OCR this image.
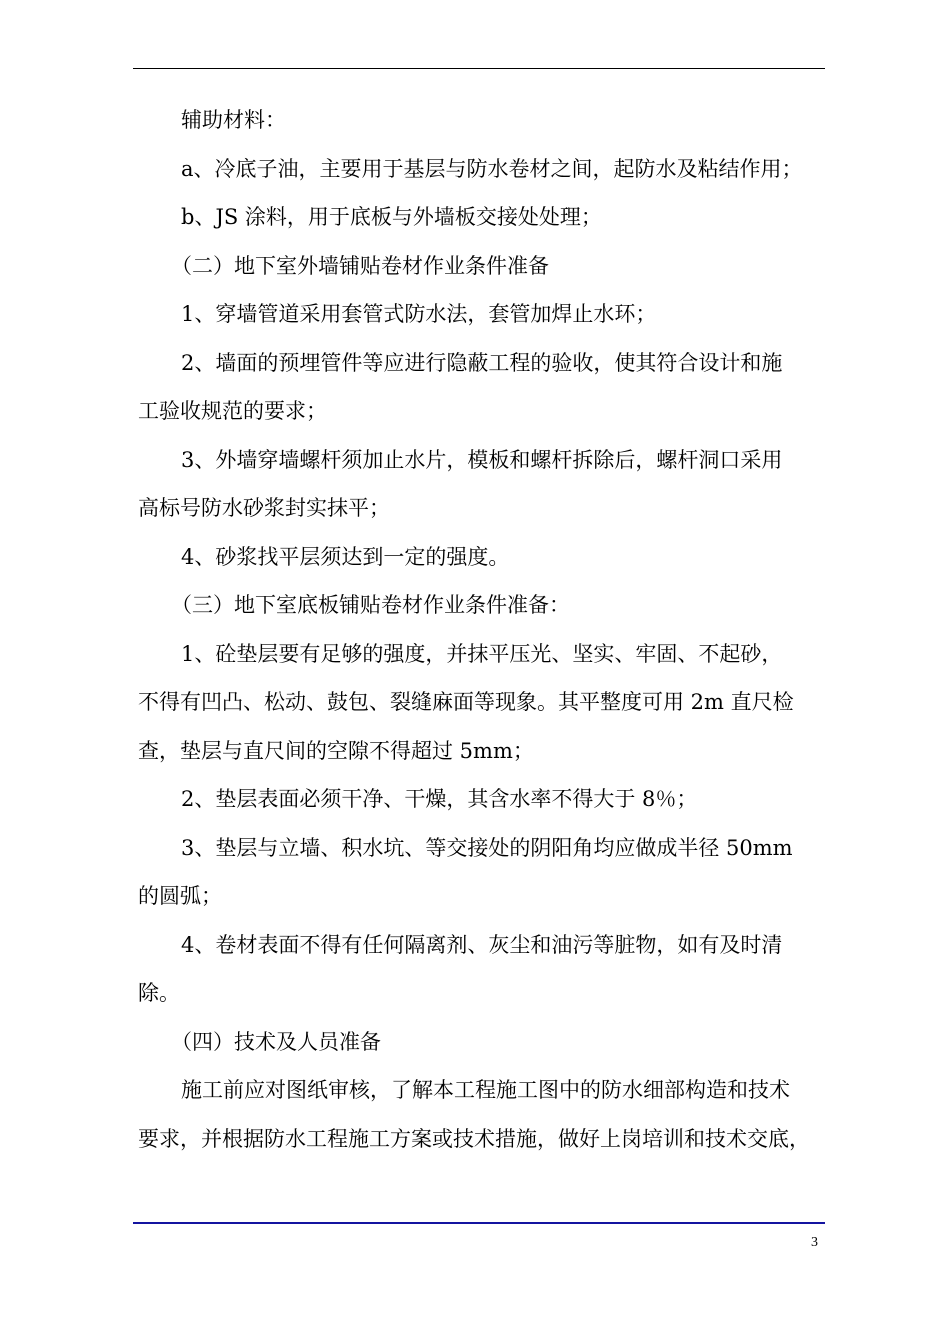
辅助材料：
a、冷底子油，主要用于基层与防水卷材之间，起防水及粘结作用；
b、JS 涂料，用于底板与外墙板交接处处理；
（二）地下室外墙铺贴卷材作业条件准备
1、穿墙管道采用套管式防水法，套管加焊止水环；
2、墙面的预埋管件等应进行隐蔽工程的验收，使其符合设计和施
工验收规范的要求；
3、外墙穿墙螺杆须加止水片，模板和螺杆拆除后，螺杆洞口采用
高标号防水砂浆封实抹平；
4、砂浆找平层须达到一定的强度。
（三）地下室底板铺贴卷材作业条件准备：
1、砼垫层要有足够的强度，并抹平压光、坚实、牢固、不起砂，
不得有凹凸、松动、鼓包、裂缝麻面等现象。其平整度可用 2m 直尺检
查，垫层与直尺间的空隙不得超过 5mm；
2、垫层表面必须干净、干燥，其含水率不得大于 8％；
3、垫层与立墙、积水坑、等交接处的阴阳角均应做成半径 50mm
的圆弧；
4、卷材表面不得有任何隔离剂、灰尘和油污等脏物，如有及时清
除。
（四）技术及人员准备
施工前应对图纸审核，了解本工程施工图中的防水细部构造和技术
要求，并根据防水工程施工方案或技术措施，做好上岗培训和技术交底，
3
